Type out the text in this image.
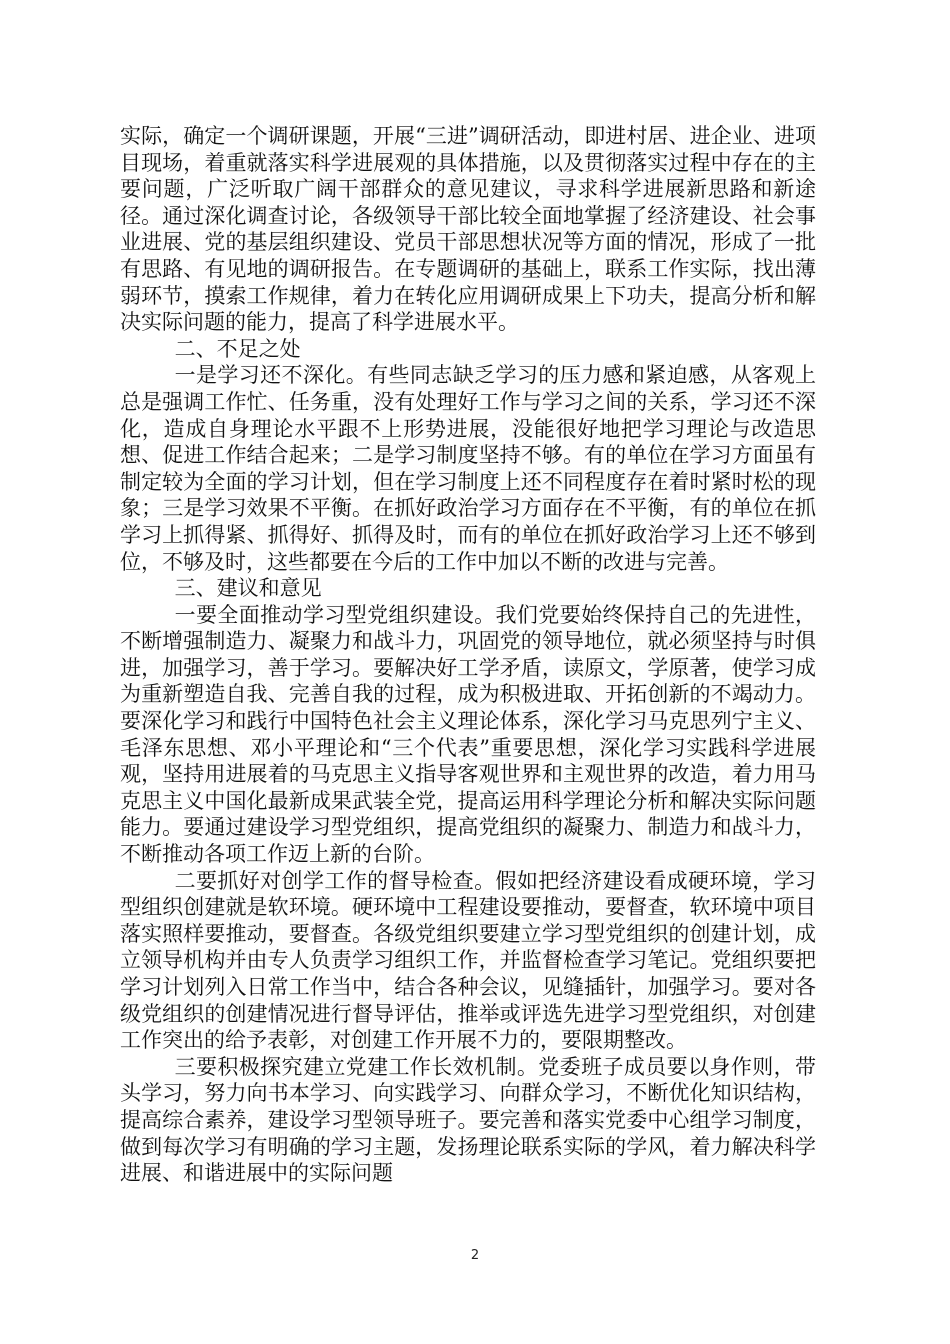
实际，确定一个调研课题，开展“三进”调研活动，即进村居、进企业、进项目现场，着重就落实科学进展观的具体措施，以及贯彻落实过程中存在的主要问题，广泛听取广阔干部群众的意见建议，寻求科学进展新思路和新途径。通过深化调查讨论，各级领导干部比较全面地掌握了经济建设、社会事业进展、党的基层组织建设、党员干部思想状况等方面的情况，形成了一批有思路、有见地的调研报告。在专题调研的基础上，联系工作实际，找出薄弱环节，摸索工作规律，着力在转化应用调研成果上下功夫，提高分析和解决实际问题的能力，提高了科学进展水平。

二、不足之处

一是学习还不深化。有些同志缺乏学习的压力感和紧迫感，从客观上总是强调工作忙、任务重，没有处理好工作与学习之间的关系，学习还不深化，造成自身理论水平跟不上形势进展，没能很好地把学习理论与改造思想、促进工作结合起来；二是学习制度坚持不够。有的单位在学习方面虽有制定较为全面的学习计划，但在学习制度上还不同程度存在着时紧时松的现象；三是学习效果不平衡。在抓好政治学习方面存在不平衡，有的单位在抓学习上抓得紧、抓得好、抓得及时，而有的单位在抓好政治学习上还不够到位，不够及时，这些都要在今后的工作中加以不断的改进与完善。

三、建议和意见

一要全面推动学习型党组织建设。我们党要始终保持自己的先进性，不断增强制造力、凝聚力和战斗力，巩固党的领导地位，就必须坚持与时俱进，加强学习，善于学习。要解决好工学矛盾，读原文，学原著，使学习成为重新塑造自我、完善自我的过程，成为积极进取、开拓创新的不竭动力。要深化学习和践行中国特色社会主义理论体系，深化学习马克思列宁主义、毛泽东思想、邓小平理论和“三个代表”重要思想，深化学习实践科学进展观，坚持用进展着的马克思主义指导客观世界和主观世界的改造，着力用马克思主义中国化最新成果武装全党，提高运用科学理论分析和解决实际问题能力。要通过建设学习型党组织，提高党组织的凝聚力、制造力和战斗力，不断推动各项工作迈上新的台阶。

二要抓好对创学工作的督导检查。假如把经济建设看成硬环境，学习型组织创建就是软环境。硬环境中工程建设要推动，要督查，软环境中项目落实照样要推动，要督查。各级党组织要建立学习型党组织的创建计划，成立领导机构并由专人负责学习组织工作，并监督检查学习笔记。党组织要把学习计划列入日常工作当中，结合各种会议，见缝插针，加强学习。要对各级党组织的创建情况进行督导评估，推举或评选先进学习型党组织，对创建工作突出的给予表彰，对创建工作开展不力的，要限期整改。

三要积极探究建立党建工作长效机制。党委班子成员要以身作则，带头学习，努力向书本学习、向实践学习、向群众学习，不断优化知识结构，提高综合素养，建设学习型领导班子。要完善和落实党委中心组学习制度，做到每次学习有明确的学习主题，发扬理论联系实际的学风，着力解决科学进展、和谐进展中的实际问题

2
